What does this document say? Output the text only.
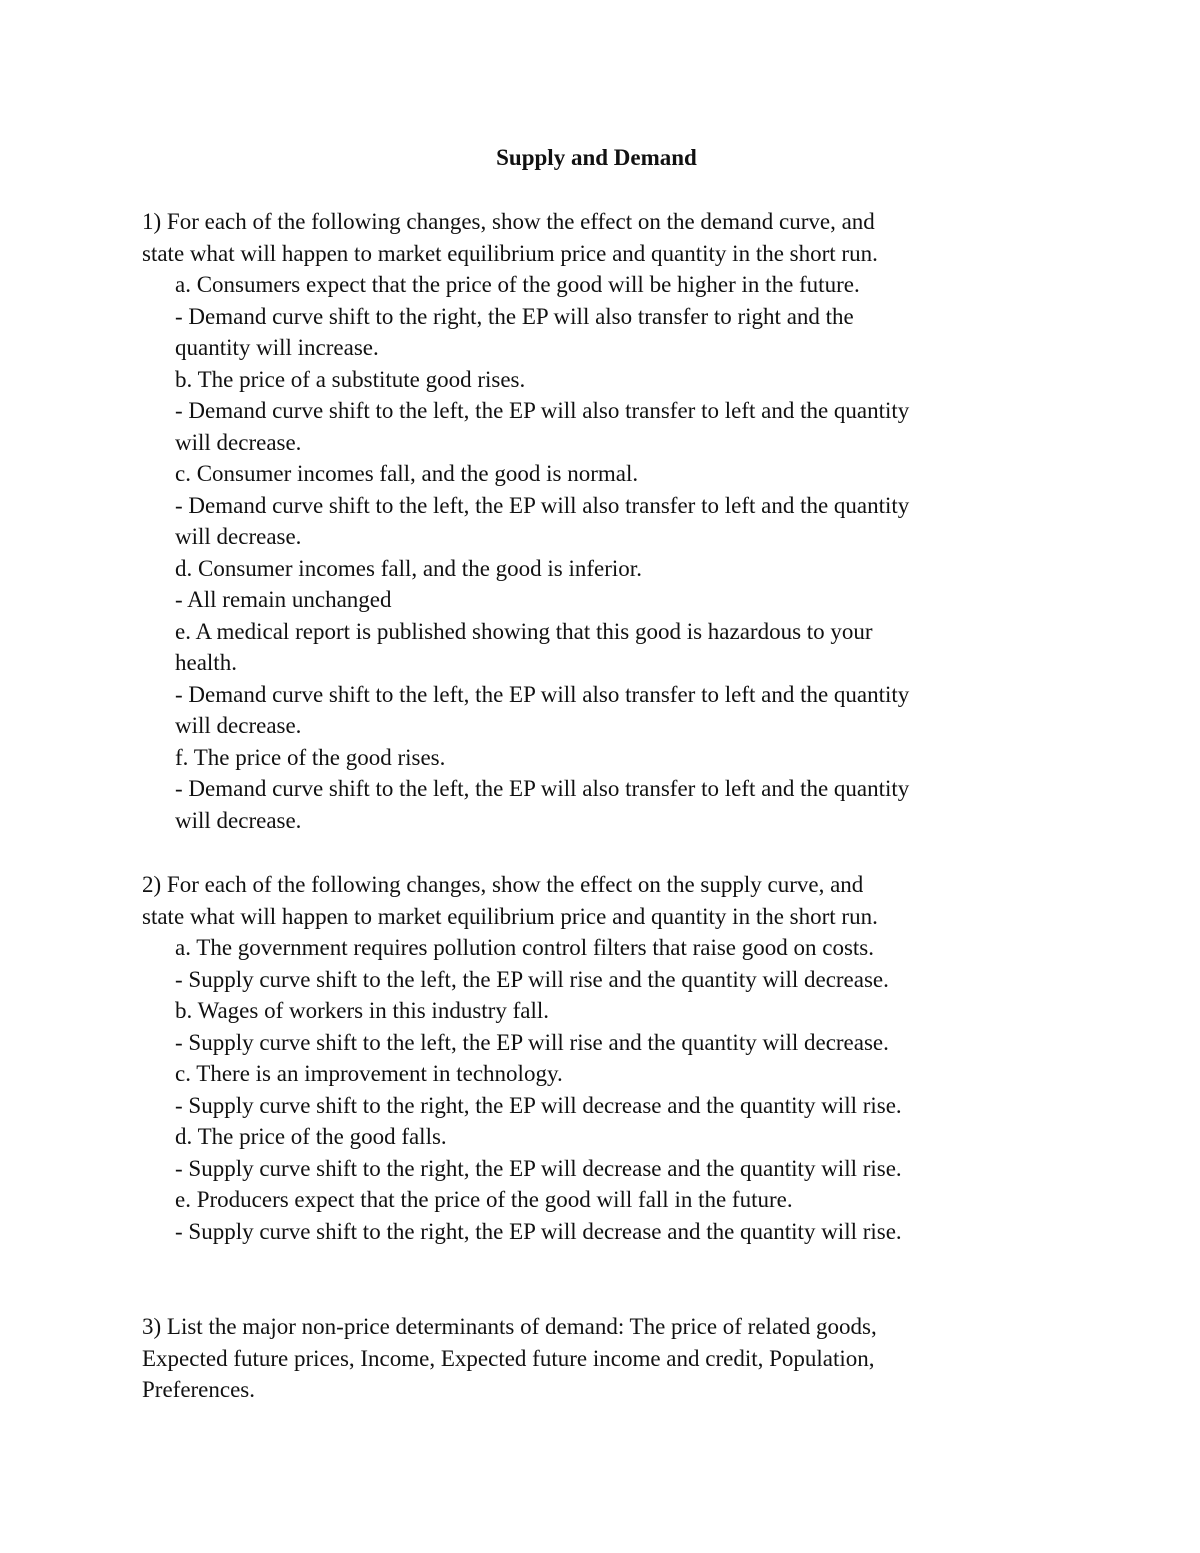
Supply and Demand
1) For each of the following changes, show the effect on the demand curve, and
state what will happen to market equilibrium price and quantity in the short run.
a. Consumers expect that the price of the good will be higher in the future.
- Demand curve shift to the right, the EP will also transfer to right and the
quantity will increase.
b. The price of a substitute good rises.
- Demand curve shift to the left, the EP will also transfer to left and the quantity
will decrease.
c. Consumer incomes fall, and the good is normal.
- Demand curve shift to the left, the EP will also transfer to left and the quantity
will decrease.
d. Consumer incomes fall, and the good is inferior.
- All remain unchanged
e. A medical report is published showing that this good is hazardous to your
health.
- Demand curve shift to the left, the EP will also transfer to left and the quantity
will decrease.
f. The price of the good rises.
- Demand curve shift to the left, the EP will also transfer to left and the quantity
will decrease.
2) For each of the following changes, show the effect on the supply curve, and
state what will happen to market equilibrium price and quantity in the short run.
a. The government requires pollution control filters that raise good on costs.
- Supply curve shift to the left, the EP will rise and the quantity will decrease.
b. Wages of workers in this industry fall.
- Supply curve shift to the left, the EP will rise and the quantity will decrease.
c. There is an improvement in technology.
- Supply curve shift to the right, the EP will decrease and the quantity will rise.
d. The price of the good falls.
- Supply curve shift to the right, the EP will decrease and the quantity will rise.
e. Producers expect that the price of the good will fall in the future.
- Supply curve shift to the right, the EP will decrease and the quantity will rise.
3) List the major non-price determinants of demand: The price of related goods,
Expected future prices, Income, Expected future income and credit, Population,
Preferences.
